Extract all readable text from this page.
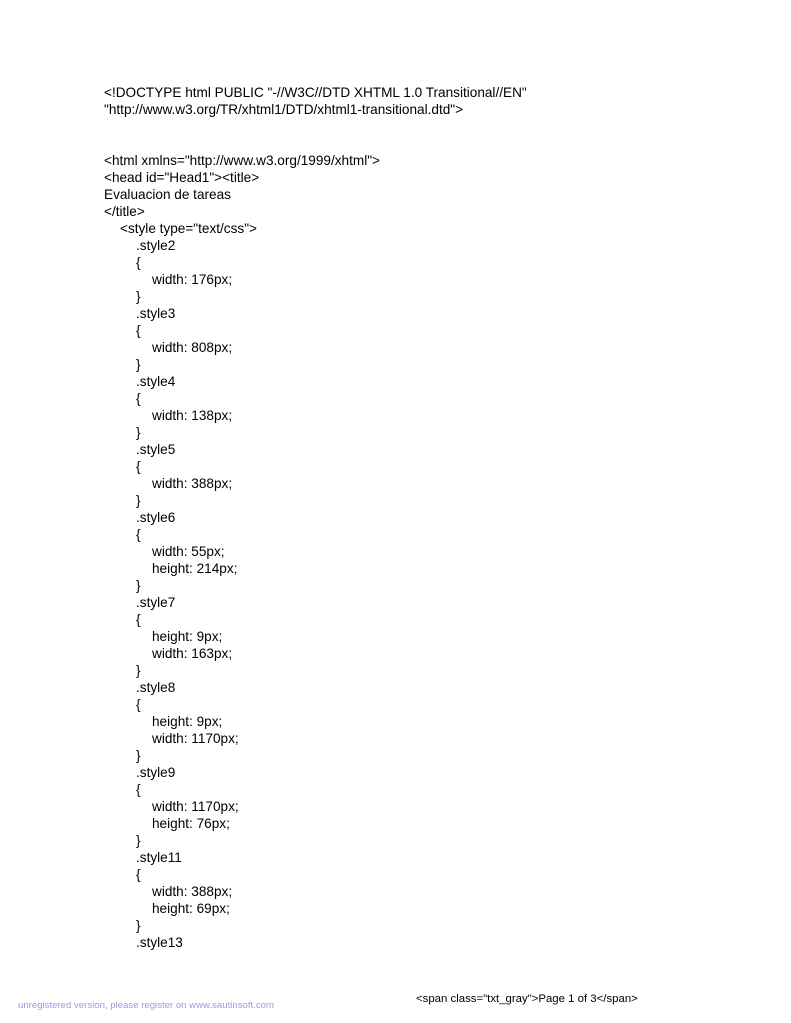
<!DOCTYPE html PUBLIC "-//W3C//DTD XHTML 1.0 Transitional//EN"
"http://www.w3.org/TR/xhtml1/DTD/xhtml1-transitional.dtd">
<html xmlns="http://www.w3.org/1999/xhtml">
<head id="Head1"><title>
Evaluacion de tareas
</title>
<style type="text/css">
.style2
{
width: 176px;
}
.style3
{
width: 808px;
}
.style4
{
width: 138px;
}
.style5
{
width: 388px;
}
.style6
{
width: 55px;
height: 214px;
}
.style7
{
height: 9px;
width: 163px;
}
.style8
{
height: 9px;
width: 1170px;
}
.style9
{
width: 1170px;
height: 76px;
}
.style11
{
width: 388px;
height: 69px;
}
.style13
<span class="txt_gray">Page 1 of 3</span>
unregistered version, please register on www.sautinsoft.com
